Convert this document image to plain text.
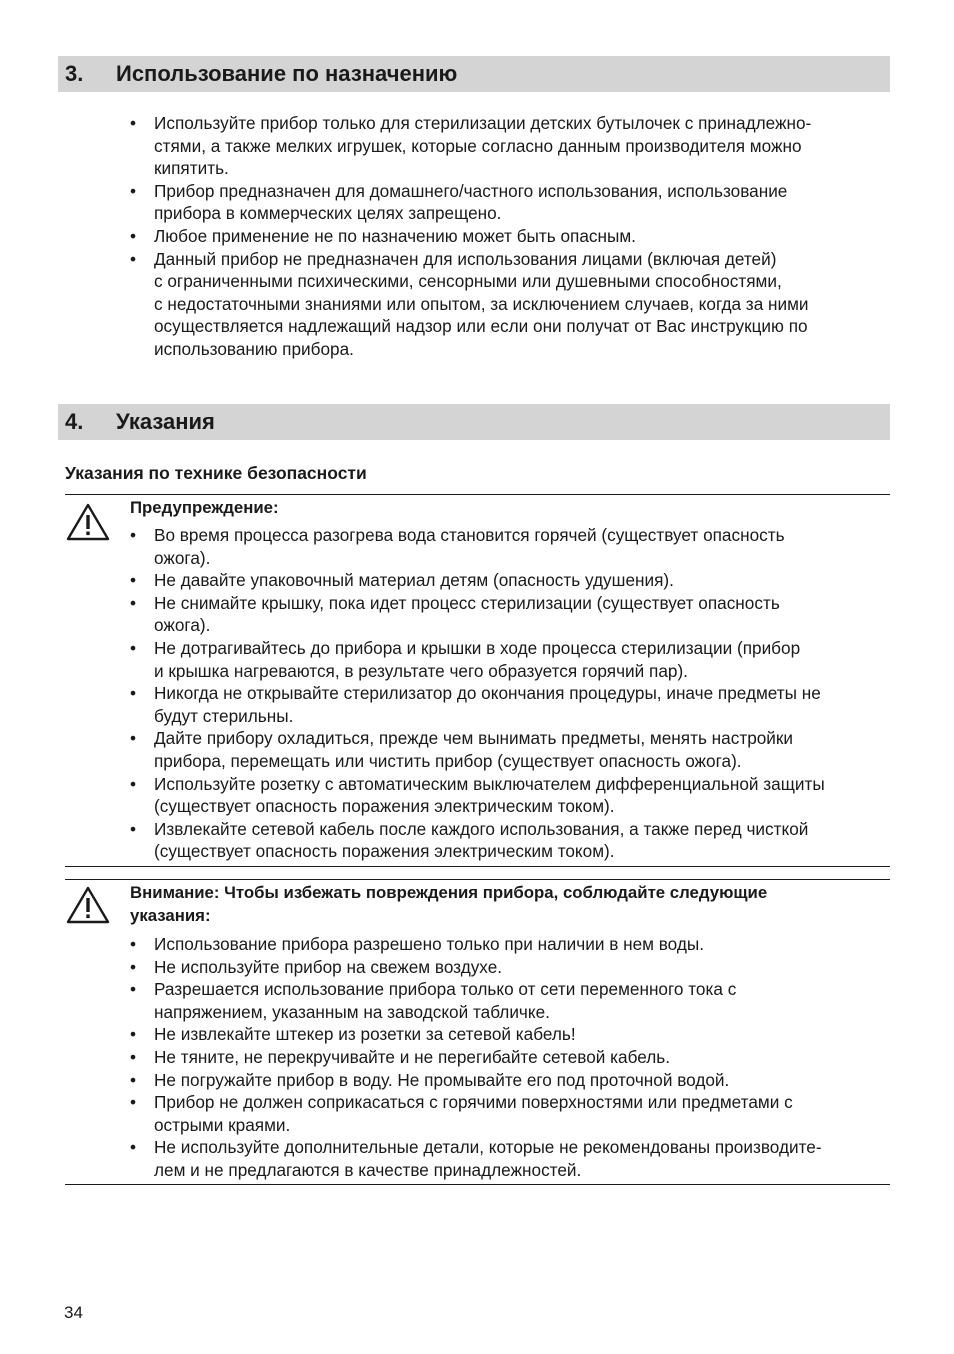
3. Использование по назначению
• Используйте прибор только для стерилизации детских бутылочек с принадлежно-
стями, а также мелких игрушек, которые согласно данным производителя можно
кипятить.
• Прибор предназначен для домашнего/частного использования, использование
прибора в коммерческих целях запрещено.
• Любое применение не по назначению может быть опасным.
• Данный прибор не предназначен для использования лицами (включая детей)
с ограниченными психическими, сенсорными или душевными способностями,
с недостаточными знаниями или опытом, за исключением случаев, когда за ними
осуществляется надлежащий надзор или если они получат от Вас инструкцию по
использованию прибора.
4. Указания
Указания по технике безопасности
Предупреждение:
• Во время процесса разогрева вода становится горячей (существует опасность
ожога).
• Не давайте упаковочный материал детям (опасность удушения).
• Не снимайте крышку, пока идет процесс стерилизации (существует опасность
ожога).
• Не дотрагивайтесь до прибора и крышки в ходе процесса стерилизации (прибор
и крышка нагреваются, в результате чего образуется горячий пар).
• Никогда не открывайте стерилизатор до окончания процедуры, иначе предметы не
будут стерильны.
• Дайте прибору охладиться, прежде чем вынимать предметы, менять настройки
прибора, перемещать или чистить прибор (существует опасность ожога).
• Используйте розетку с автоматическим выключателем дифференциальной защиты
(существует опасность поражения электрическим током).
• Извлекайте сетевой кабель после каждого использования, а также перед чисткой
(существует опасность поражения электрическим током).
Внимание: Чтобы избежать повреждения прибора, соблюдайте следующие
указания:
• Использование прибора разрешено только при наличии в нем воды.
• Не используйте прибор на свежем воздухе.
• Разрешается использование прибора только от сети переменного тока с
напряжением, указанным на заводской табличке.
• Не извлекайте штекер из розетки за сетевой кабель!
• Не тяните, не перекручивайте и не перегибайте сетевой кабель.
• Не погружайте прибор в воду. Не промывайте его под проточной водой.
• Прибор не должен соприкасаться с горячими поверхностями или предметами с
острыми краями.
• Не используйте дополнительные детали, которые не рекомендованы производите-
лем и не предлагаются в качестве принадлежностей.
34
